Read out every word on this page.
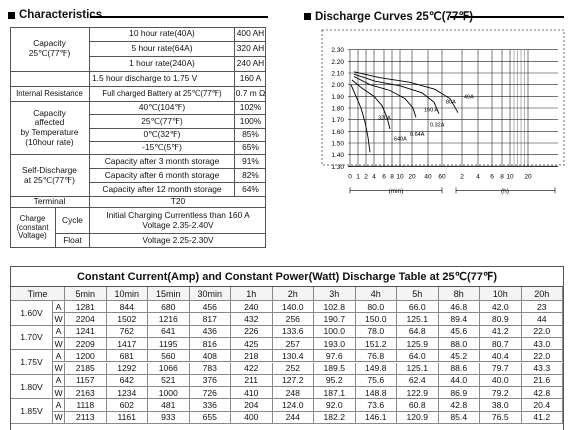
Characteristics
Capacity
25℃(77℉)
10 hour rate(40A)	400 AH
5 hour rate(64A)	320 AH
1 hour rate(240A)	240 AH
1.5 hour discharge to 1.75 V	160 A
Internal Resistance	Full charged Battery at 25℃(77℉)	0.7 m Ω
Capacity
affected
by Temperature
(10hour rate)
40℃(104℉)	102%
25℃(77℉)	100%
0℃(32℉)	85%
-15℃(5℉)	65%
Self-Discharge
at 25℃(77℉)
Capacity after 3 month storage	91%
Capacity after 6 month storage	82%
Capacity after 12 month storage	64%
Terminal	T20
Charge
(constant
Voltage)
Cycle	Initial Charging Currentless than 160 A
Voltage 2.35-2.40V
Float	Voltage 2.25-2.30V
Discharge Curves 25℃(77℉)
1.30
1.40
1.50
1.60
1.70
1.80
1.90
2.00
2.10
2.20
2.30
0 1 2 4 6 8 10 20 40 60 2 4 6 8 10 20
(min)	(h)
640A
320A
160 A
80A
40A
0.64A
0.32A
Constant Current(Amp) and Constant Power(Watt) Discharge Table at 25℃(77℉)
Time	5min	10min	15min	30min	1h	2h	3h	4h	5h	8h	10h	20h
1.60V
A
W
1281	844	680	456	240	140.0	102.8	80.0	66.0	46.8	42.0	23
2204	1502	1216	817	432	256	190.7	150.0	125.1	89.4	80.9	44
1.70V
A
W
1241	762	641	436	226	133.6	100.0	78.0	64.8	45.6	41.2	22.0
2209	1417	1195	816	425	257	193.0	151.2	125.9	88.0	80.7	43.0
1.75V
A
W
1200	681	560	408	218	130.4	97.6	76.8	64.0	45.2	40.4	22.0
2185	1292	1066	783	422	252	189.5	149.8	125.1	88.6	79.7	43.3
1.80V
A
W
1157	642	521	376	211	127.2	95.2	75.6	62.4	44.0	40.0	21.6
2163	1234	1000	726	410	248	187.1	148.8	122.9	86.9	79.2	42.8
1.85V
A
W
1118	602	481	336	204	124.0	92.0	73.6	60.8	42.8	38.0	20.4
2113	1161	933	655	400	244	182.2	146.1	120.9	85.4	76.5	41.2
